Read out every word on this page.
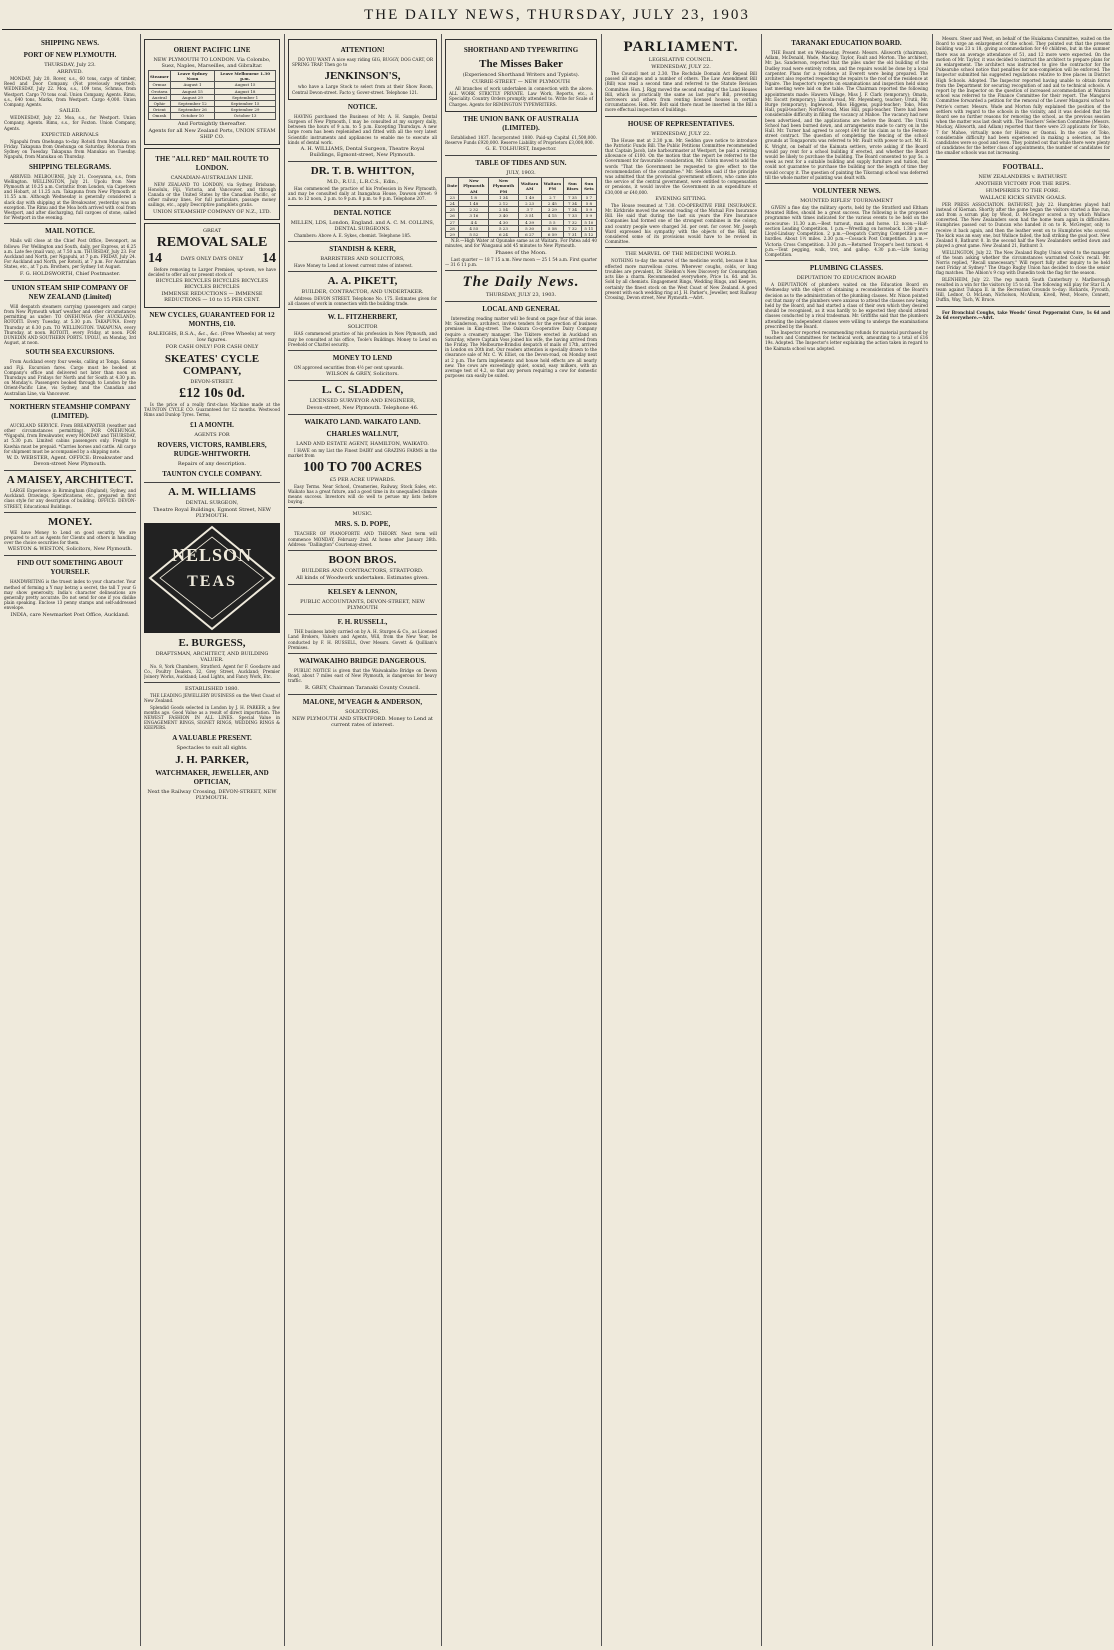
THE DAILY NEWS, THURSDAY, JULY 23, 1903
SHIPPING NEWS.
PORT OF NEW PLYMOUTH.
THURSDAY, July 23.
ARRIVED.

MONDAY, July 20. Rover, s.s., 60 tons, cargo of timber, Reed and Door Company. (Not previously reported). WEDNESDAY, July 22. Moa, s.s., 109 tons, Schmus, from Westport. Cargo 70 tons coal. Union Company, Agents. Rimu, s.s., 640 tons, Marks, from Westport. Cargo 4,000. Union Company, Agents.

SAILED.

WEDNESDAY, July 22. Moa, s.s., for Westport. Union Company, Agents. Rimu, s.s., for Foxton. Union Company, Agents.

EXPECTED ARRIVALS

Ngapuhi from Onehunga to-day. Rotoiti from Manukau on Friday. Takapuna from Onehunga on Saturday. Rotorua from Sydney on Tuesday. Takapuna from Manukau on Tuesday. Ngapuhi, from Manukau on Thursday.

SHIPPING TELEGRAMS.

ARRIVED. MELBOURNE, July 21. Cooeyanna, s.s., from Wellington. WELLINGTON, July 21. Upolu from New Plymouth at 10.25 a.m. Corinthic from London, via Capetown and Hobart, at 11.25 a.m. Takapuna from New Plymouth at 11.55 a.m. Although Wednesday is generally considered a slack day with shipping at the Breakwater, yesterday was an exception. The Rimu and the Moa both arrived with coal from Westport, and after discharging, full cargoes of stone, sailed for Westport in the evening.

MAIL NOTICE.

Mails will close at the Chief Post Office, Devonport, as follows: For Wellington and South, daily, per Express, at 6.25 a.m. Late fee (mail van), at 7.50 a.m. THURSDAY, July 23. For Auckland and North, per Ngapuhi, at 7 p.m. FRIDAY, July 24. For Auckland and North, per Rotoiti, at 7 p.m. For Australian States, etc., at 7 p.m. Brothers, per Sydney 1st August.

F. G. HOLDSWORTH, Chief Postmaster.
UNION STEAM SHIP COMPANY OF NEW ZEALAND (Limited)

Will despatch steamers carrying (passengers and cargo) from New Plymouth wharf weather and other circumstances permitting as under: TO ONEHUNGA (For AUCKLAND). ROTOITI. Every Tuesday, at 5.30 p.m. TAKAPUNA. Every Thursday at 6.30 p.m. TO WELLINGTON. TAKAPUNA, every Thursday, at noon. ROTOITI, every Friday, at noon. FOR DUNEDIN AND SOUTHERN PORTS. UPOLU, on Monday, 3rd August, at noon.

SOUTH SEA EXCURSIONS.

From Auckland every four weeks, calling at Tonga, Samoa and Fiji. Excursion fares. Cargo must be booked at Company's office and delivered not later than noon on Thursdays and Fridays for North and for South at 4.30 p.m. on Monday's. Passengers booked through to London by the Orient-Pacific Line, vis Sydney, and the Canadian and Australian Line, via Vancouver.

NORTHERN STEAMSHIP COMPANY (LIMITED).

AUCKLAND SERVICE. From BREAKWATER (weather and other circumstances permitting). FOR ONEHUNGA. *Ngapuhi, from Breakwater, every MONDAY and THURSDAY, at 5.30 p.m. Limited cabins passengers only. Freight to Kawhia must be prepaid. *Carries horses and cattle. All cargo for shipment must be accompanied by a shipping note.

W. D. WEBSTER, Agent. OFFICE: Breakwater and Devon-street New Plymouth.
A MAISEY, ARCHITECT.

LARGE Experience in Birmingham (England), Sydney, and Auckland. Drawings, Specifications, etc., prepared in first class style for any description of building. OFFICE: DEVON-STREET, Educational Buildings.

MONEY.

WE have Money to Lend on good security. We are prepared to act as Agents for Clients and others in handling over the choice securities for them.

WESTON & WESTON, Solicitors, New Plymouth.
FIND OUT SOMETHING ABOUT YOURSELF.

HANDWRITING is the truest index to your character. Your method of forming a Y may betray a secret, the tall T your G may show generosity. India's character delineations are generally pretty accurate. Do not send for one if you dislike plain speaking. Enclose 13 penny stamps and self-addressed envelope.

INDIA, care Newmarket Post Office, Auckland.
ORIENT PACIFIC LINE
NEW PLYMOUTH TO LONDON. Via Colombo, Suez, Naples, Marseilles, and Gibraltar.
Steamer	Leave Sydney Noon	Leave Melbourne 1.30 p.m.
Ormuz	August 1	August 15
Orotava	August 15	August 18
Austral	August 29	September 1
Ophir	September 12	September 15
Orient	September 26	September 29
Omrah	October 10	October 13
And Fortnightly thereafter.
Agents for all New Zealand Ports, UNION STEAM SHIP CO.
THE "ALL RED" MAIL ROUTE TO LONDON.
CANADIAN-AUSTRALIAN LINE.

NEW ZEALAND TO LONDON, via Sydney, Brisbane, Honolulu, Fiji, Victoria, and Vancouver, and through Canada or the United States by the Canadian Pacific, or other railway lines. For full particulars, passage money sailings, etc., apply Descriptive pamphlets gratis.

UNION STEAMSHIP COMPANY OF N.Z., LTD.
GREAT
REMOVAL SALE
14	DAYS ONLY DAYS ONLY 14

Before removing to Larger Premises, up-town, we have decided to offer all our present stock of

BICYCLES BICYCLES BICYCLES BICYCLES BICYCLES BICYCLES
IMMENSE REDUCTIONS — IMMENSE REDUCTIONS — 10 to 15 PER CENT.
NEW CYCLES, GUARANTEED FOR 12 MONTHS, £10.
RALEIGHS, B.S.A., &c., &c. (Free Wheels) at very low figures.
FOR CASH ONLY! FOR CASH ONLY
SKEATES' CYCLE COMPANY,
DEVON-STREET.
£12 10s 0d.

Is the price of a really first-class Machine made at the TAUNTON CYCLE CO. Guaranteed for 12 months. Westwood Rims and Dunlop Tyres. Terms,

£1 A MONTH.
AGENTS FOR
ROVERS, VICTORS, RAMBLERS, RUDGE-WHITWORTH.
Repairs of any description.
TAUNTON CYCLE COMPANY.
A. M. WILLIAMS
DENTAL SURGEON,
Theatre Royal Buildings, Egmont Street, NEW PLYMOUTH.
NELSON
TEAS
E. BURGESS,
DRAFTSMAN, ARCHITECT, AND BUILDING VALUER.

No. 8, York Chambers, Stratford. Agent for F. Goodacre and Co., Poultry Dealers, 32, Grey Street, Auckland; Premier Joinery Works, Auckland; Lead Lights, and Fancy Work, Etc.

ESTABLISHED 1880.

THE LEADING JEWELLERY BUSINESS on the West Coast of New Zealand.

Splendid Goods selected in London by J. H. PARKER, a few months ago. Good Value as a result of direct importation. The NEWEST FASHION IN ALL LINES. Special Value in ENGAGEMENT RINGS, SIGNET RINGS, WEDDING RINGS & KEEPERS.

A VALUABLE PRESENT.
Spectacles to suit all sights.
J. H. PARKER,
WATCHMAKER, JEWELLER, AND OPTICIAN,
Next the Railway Crossing, DEVON-STREET, NEW PLYMOUTH.
ATTENTION!

DO YOU WANT A nice easy riding GIG, BUGGY, DOG CART, OR SPRING TRAP. Then go to

JENKINSON'S,

who have a Large Stock to select from at their Show Room, Central Devon-street. Facto y, Gover-street. Telephone 121.

NOTICE.

HAVING purchased the Business of Mr. A. H. Sample, Dental Surgeon of New Plymouth, I may be consulted at my surgery daily, between the hours of 9 a.m. to 5 p.m. Excepting Thursdays. A new large room has been replenished and fitted with all the very latest Scientific instruments and appliances to enable me to execute all kinds of dental work.

A. H. WILLIAMS, Dental Surgeon, Theatre Royal Buildings, Egmont-street, New Plymouth.
DR. T. B. WHITTON,
M.D., R.U.I., L.R.C.S., Edin.,

Has commenced the practice of his Profession in New Plymouth, and may be consulted daily at Inangahua House, Dawson street: 9 a.m. to 12 noon, 2 p.m. to 9 p.m. 8 p.m. to 9 p.m. Telephone 207.

DENTAL NOTICE
MILLEN, LDS, London, England. and A. C. M. COLLINS, DENTAL SURGEONS.

Chambers: Above A. E. Sykes, chemist. Telephone 185.

STANDISH & KERR,
BARRISTERS AND SOLICITORS,

Have Money to Lend at lowest current rates of interest.

A. A. PIKETT,
BUILDER, CONTRACTOR, AND UNDERTAKER.

Address: DEVON STREET. Telephone No. 175. Estimates given for all classes of work in connection with the building trade.

W. L. FITZHERBERT,
SOLICITOR

HAS commenced practice of his profession in New Plymouth, and may be consulted at his office, Toole's Buildings. Money to Lend on Freehold or Chattel security.

MONEY TO LEND

ON approved securities from 4½ per cent upwards.

WILSON & GREY, Solicitors.
L. C. SLADDEN,
LICENSED SURVEYOR AND ENGINEER,
Devon-street, New Plymouth. Telephone 46.
WAIKATO LAND. WAIKATO LAND.
CHARLES WALLNUT,
LAND AND ESTATE AGENT, HAMILTON, WAIKATO.

I HAVE on my List the Finest DAIRY and GRAZING FARMS in the market from

100 TO 700 ACRES
£5 PER ACRE UPWARDS.

Easy Terms. Near School, Creameries, Railway, Stock Sales, etc. Waikato has a great future, and a good time in its unequalled climate means success. Investors will do well to peruse my lists before buying.

MUSIC.
MRS. S. D. POPE,

TEACHER OF PIANOFORTE AND THEORY. Next term will commence MONDAY, February 2nd. At home after January 26th. Address: "Dallington" Courtenay-street.

BOON BROS.
BUILDERS AND CONTRACTORS, STRATFORD.
All kinds of Woodwork undertaken. Estimates given.
KELSEY & LENNON,
PUBLIC ACCOUNTANTS, DEVON-STREET, NEW PLYMOUTH
F. H. RUSSELL,

THE business lately carried on by A. H. Sturges & Co., as Licensed Land Brokers, Valuers and Agents, Will, from the New Year, be conducted by F. H. RUSSELL, Over Messrs. Govett & Quilliam's Premises.

WAIWAKAIHO BRIDGE DANGEROUS.

PUBLIC NOTICE is given that the Waiwakaiho Bridge on Devon Road, about 7 miles east of New Plymouth, is dangerous for heavy traffic.

R. GREY, Chairman Taranaki County Council.
MALONE, M'VEAGH & ANDERSON,
SOLICITORS,
NEW PLYMOUTH AND STRATFORD. Money to Lend at current rates of interest.
SHORTHAND AND TYPEWRITING
The Misses Baker
(Experienced Shorthand Writers and Typists).
CURRIE-STREET — NEW PLYMOUTH

All branches of work undertaken in connection with the above. ALL WORK STRICTLY PRIVATE. Law Work, Reports, etc., a Speciality. Country Orders promptly attended to. Write for Scale of Charges. Agents for REMINGTON TYPEWRITERS.

THE UNION BANK OF AUSTRALIA (LIMITED).

Established 1837. Incorporated 1880. Paid-up Capital £1,500,000. Reserve Funds £920,000. Reserve Liability of Proprietors £3,000,000.

G. E. TOLHURST, Inspector.
TABLE OF TIDES AND SUN.
JULY, 1903.
Date	New Plymouth AM	New Plymouth PM	Waitara AM	Waitara PM	Sun Rises	Sun Sets
23	1 8	1 34	1 49	2 7	7 35	5 7
24	1 48	2 12	2 23	2 45	7 34	5 8
25	2 32	2 54	3 7	3 29	7 34	5 9
26	3 16	3 40	3 51	4 15	7 33	5 9
27	4 4	4 30	4 39	5 5	7 32	5 10
28	4 55	5 23	5 30	5 58	7 32	5 11
29	5 52	6 24	6 27	6 59	7 31	5 12

N.B.—High Water at Opunake same as at Waitara. For Patea add 40 minutes, and for Wanganui add 45 minutes to New Plymouth.

Phases of the Moon.

Last quarter — 18 7 15 a.m. New moon — 25 1 54 a.m. First quarter — 31 6 11 p.m.

The Daily News.
THURSDAY, JULY 23, 1903.
LOCAL AND GENERAL

Interesting reading matter will be found on page four of this issue. Mr. Sanderson, architect, invites tenders for the erection of business premises in King-street. The Oakura Co-operative Dairy Company require a creamery manager. The Tikitere erected in Auckland on Saturday, where Captain Voss joined his wife, the having arrived from the Friday. The Melbourne-Brindisi despatch of mails of 17th, arrived in London on 20th inst. Our readers attention is specially drawn to the clearance sale of Mr. C. W. Elliot, on the Devon-road, on Monday next at 2 p.m. The farm implements and house hold effects are all nearly new. The cows are exceedingly quiet, sound, easy milkers, with an average test of 4.2, so that any person requiring a cow for domestic purposes can easily be suited.

PARLIAMENT.
LEGISLATIVE COUNCIL.
WEDNESDAY, JULY 22.

The Council met at 2.30. The Rochdale Domain Act Repeal Bill passed all stages and a number of others. The Law Amendment Bill (Bill) was read a second time and referred to the Statute Revision Committee. Hon. J. Rigg moved the second reading of the Land Houses Bill, which is practically the same as last year's Bill, preventing borrowers and others from renting licensed houses in certain circumstances. Hon. Mr. Bolt said there must be inserted in the Bill a more effectual inspection of buildings.

HOUSE OF REPRESENTATIVES.
WEDNESDAY, JULY 22.

The House met at 2.30 p.m. Mr. Seddon gave notice to introduce the Patriotic Funds Bill. The Public Petitions Committee recommended that Captain Jacob, late harbourmaster at Westport, be paid a retiring allowance of £100. On the motion that the report be referred to the Government for favourable consideration, Mr. Colvin moved to add the words "That the Government be requested to give effect to the recommendation of the committee." Mr. Seddon said if the principle was admitted that the provincial government officers, who came into the service of the central government, were entitled to compensation or pensions, it would involve the Government in an expenditure of £30,000 or £40,000.

EVENING SITTING.

The House resumed at 7.30. CO-OPERATIVE FIRE INSURANCE. Mr. Kirkbride moved the second reading of the Mutual Fire Insurance Bill. He said that during the last six years the Fire Insurance Companies had formed one of the strongest combines in the colony, and country people were charged 3d. per cent. for cover. Mr. Joseph Ward expressed his sympathy with the objects of the Bill, but considered some of its provisions would have to be revised in Committee.

THE MARVEL OF THE MEDICINE WORLD.

NOTHING to-day the marvel of the medicine world, because it has effected more marvellous cures. Wherever coughs, colds, or lung troubles are prevalent, Dr. Sheldon's New Discovery for Consumption acts like a charm. Recommended everywhere, Price 1s. 6d. and 3s. Sold by all chemists. Engagement Rings, Wedding Rings, and Keepers, certainly the finest stock on the West Coast of New Zealand. A good present with each wedding ring at J. H. Parker's, Jeweller, next Railway Crossing, Devon street, New Plymouth.—Advt.

TARANAKI EDUCATION BOARD.

THE Board met on Wednesday. Present: Messrs. Allsworth (chairman), Adlam, McDonald, Wade, Mackay, Taylor, Fault and Morton. The architect, Mr. Jas. Sanderson, reported that the piles under the old building of the Dudley road were entirely rotten, and the repairs would be done by a local carpenter. Plans for a residence at Everett were being prepared. The architect also reported respecting the repairs to the roof of the residence at Ngaire. The Inspector's reports on examinations and inspection held since last meeting were laid on the table. The Chairman reported the following appointments made: Hawera Village, Miss J. F. Clark (temporary); Omata, Mr. Escott (temporary); Lincoln-road, Mr. Meyenberg, teacher; Urutii, Mr. Burge (temporary); Inglewood, Miss Higgens, pupil-teacher; Toko, Miss Hall, pupil-teacher; Norfolk-road, Miss Hill, pupil-teacher. There had been considerable difficulty in filling the vacancy at Mahoe. The vacancy had now been advertised, and the applications are before the Board. The Urutii School had been burned down, and arrangements made to carry on in the Hall. Mr. Turner had agreed to accept £40 for his claim as to the Fenton-street contract. The question of completing the fencing of the school grounds at Tongaporutu was referred to Mr. Fault with power to act. Mr. H. K. Wright, on behalf of the Kaimata settlers, wrote asking if the Board would pay rent for a school building if erected, and whether the Board would be likely to purchase the building. The Board consented to pay 5s. a week as rent for a suitable building and supply furniture and tuition, but could not guarantee to purchase the building nor the length of time they would occupy it. The question of painting the Tikorangi school was deferred till the whole matter of painting was dealt with.

VOLUNTEER NEWS.
MOUNTED RIFLES' TOURNAMENT

GIVEN a fine day the military sports, held by the Stratford and Eltham Mounted Rifles, should be a great success. The following is the proposed programme with times indicated for the various events to be held on the racecourse: 11.30 a.m.—Best turnout, man and horse. 12 noon.—Half-section Leading Competition. 1 p.m.—Wrestling on horseback. 1.30 p.m.—Lloyd-Lindsay Competition. 2 p.m.—Despatch Carrying Competition over hurdles. About 1½ miles. 2.30 p.m.—Cossack Post Competition. 3 p.m.—Victoria Cross Competition. 3.30 p.m.—Returned Trooper's best turnout. 4 p.m.—Tent pegging, walk, trot, and gallop. 4.30 p.m.—Life Saving Competition.

PLUMBING CLASSES.
DEPUTATION TO EDUCATION BOARD

A DEPUTATION of plumbers waited on the Education Board on Wednesday with the object of obtaining a reconsideration of the Board's decision as to the administration of the plumbing classes. Mr. Nixon pointed out that many of the plumbers were anxious to attend the classes now being held by the Board, and had started a class of their own which they desired should be recognised, as it was hardly to be expected they should attend classes conducted by a rival tradesman. Mr. Griffiths said that the plumbers attending the independent classes were willing to undergo the examinations prescribed by the Board.

The Inspector reported recommending refunds for material purchased by teachers and Committees for technical work, amounting to a total of £16 19s. Adopted. The Inspector's letter explaining the action taken in regard to the Kaimata school was adopted.

Messrs. Steer and West, on behalf of the Huiakama Committee, waited on the Board to urge an enlargement of the school. They pointed out that the present building was 23 x 18, giving accommodation for 40 children, but in the summer there was an average attendance of 51, and 12 more were expected. On the motion of Mr. Taylor, it was decided to instruct the architect to prepare plans for an enlargement. The architect was instructed to give the contractor for the Pukearuhe school notice that penalties for non-completion will be enforced. The Inspector submitted his suggested regulations relative to free places in District High Schools. Adopted. The Inspector reported having unable to obtain forms from the Department for securing recognition of and aid to technical schools. A report by the Inspector on the question of increased accommodation at Waitara school was referred to the Finance Committee for their report. The Mangaroi Committee forwarded a petition for the removal of the Lower Mangaroi school to Petrie's corner. Messrs. Wade and Morton fully explained the position of the settlers with regard to the schools in the vicinity, and it was decided that the Board see no further reasons for removing the school, as the previous session when the matter was last dealt with. The Teachers' Selection Committee (Messrs. Mackay, Allsworth, and Adlam) reported that there were 23 applicants for Toko, 7 for Mahoe, virtually none for Huirea or Oaonui. In the case of Toko, considerable difficulty had been experienced in making a selection, as the candidates were so good and even. They pointed out that while there were plenty of candidates for the better class of appointments, the number of candidates for the smaller schools was not increasing.

FOOTBALL.
NEW ZEALANDERS v. BATHURST.
ANOTHER VICTORY FOR THE REPS.
HUMPHRIES TO THE FORE.
WALLACE KICKS SEVEN GOALS.

PER PRESS ASSOCIATION. BATHURST, July 22. Humphries played half instead of Kiernan. Shortly after the game began the visitors started a fine run, and from a scrum play by Wood, D. McGregor scored a try which Wallace converted. The New Zealanders soon had the home team again in difficulties. Humphries passed out to Duncan who handed it on to R. McGregor, only to receive it back again, and then the leather went on to Humphries who scored. The kick was an easy one, but Wallace failed, the ball striking the goal post. New Zealand 8, Bathurst 0. In the second half the New Zealanders settled down and played a great game. New Zealand 21, Bathurst 3.

WELLINGTON, July 22. The New Zealand Rugby Union wired to the manager of the team asking whether the circumstances warranted Cook's recall. Mr. Norris replied, "Recall unnecessary." Will report fully after inquiry to be held next Friday at Sydney." The Otago Rugby Union has decided to close the senior flag matches. The Albion's 9 cup with Dunedin took the flag for the season.

BLENHEIM, July 22. The rep match South Canterbury v. Marlborough resulted in a win for the visitors by 15 to nil. The following will play for Star II. A team against Tukapa II. in the Recreation Grounds to-day: Rickards, Fyvouth, Hill, Lednor, O. McLean, Nicholson, McAllum, Kivell, West, Moore, Connett, Duffin, Way, Tach, W. Bruce.

For Bronchial Coughs, take Woods' Great Peppermint Cure, 1s 6d and 2s 6d everywhere.—Advt.
